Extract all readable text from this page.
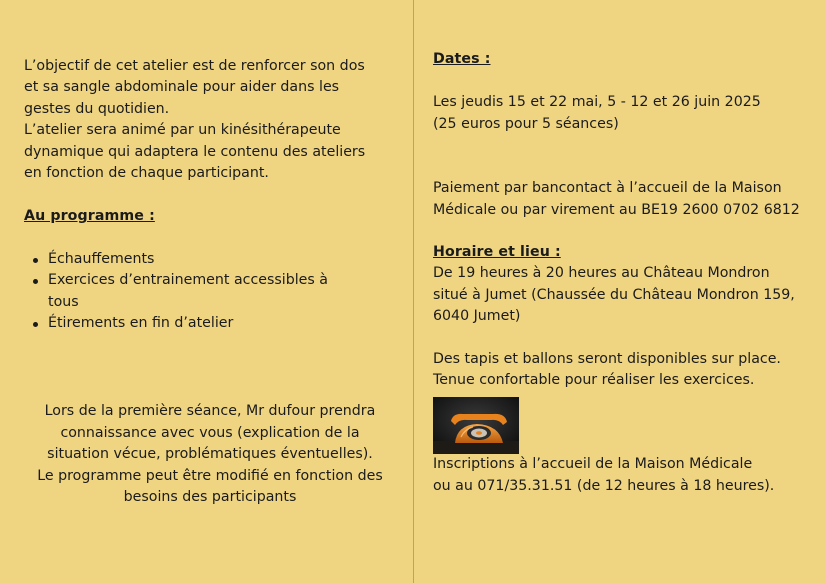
L’objectif de cet atelier est de renforcer son dos
et sa sangle abdominale pour aider dans les
gestes du quotidien.
L’atelier sera animé par un kinésithérapeute
dynamique qui adaptera le contenu des ateliers
en fonction de chaque participant.

Au programme :

Échauffements
Exercices d’entrainement accessibles à
tous
Étirements en fin d’atelier

Lors de la première séance, Mr dufour prendra
connaissance avec vous (explication de la
situation vécue, problématiques éventuelles).
Le programme peut être modifié en fonction des
besoins des participants

Dates :

Les jeudis 15 et 22 mai, 5 - 12 et 26 juin 2025
(25 euros pour 5 séances)

Paiement par bancontact à l’accueil de la Maison
Médicale ou par virement au BE19 2600 0702 6812

Horaire et lieu :

De 19 heures à 20 heures au Château Mondron
situé à Jumet (Chaussée du Château Mondron 159,
6040 Jumet)

Des tapis et ballons seront disponibles sur place.
Tenue confortable pour réaliser les exercices.

Inscriptions à l’accueil de la Maison Médicale
ou au 071/35.31.51 (de 12 heures à 18 heures).
